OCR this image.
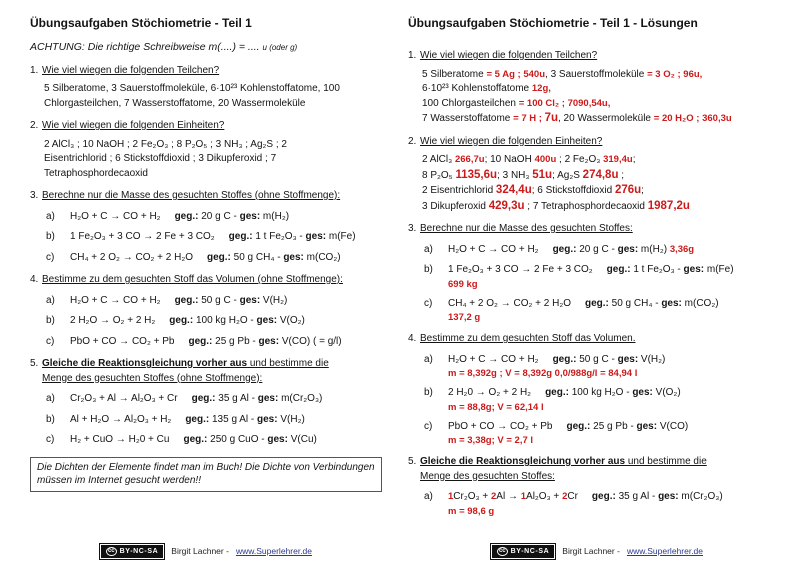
Übungsaufgaben Stöchiometrie - Teil 1
ACHTUNG: Die richtige Schreibweise m(....) = .... u (oder g)
1. Wie viel wiegen die folgenden Teilchen?
5 Silberatome, 3 Sauerstoffmoleküle, 6·10²³ Kohlenstoffatome, 100
Chlorgasteilchen, 7 Wasserstoffatome, 20 Wassermoleküle
2. Wie viel wiegen die folgenden Einheiten?
2 AlCl₃ ; 10 NaOH ; 2 Fe₂O₃ ; 8 P₂O₅ ; 3 NH₃ ; Ag₂S ; 2
Eisentrichlorid ; 6 Stickstoffdioxid ; 3 Dikupferoxid ; 7
Tetraphosphordecaoxid
3. Berechne nur die Masse des gesuchten Stoffes (ohne Stoffmenge):
a)	H₂O + C → CO + H₂ geg.: 20 g C - ges: m(H₂)
b)	1 Fe₂O₃ + 3 CO → 2 Fe + 3 CO₂ geg.: 1 t Fe₂O₃ - ges: m(Fe)
c)	CH₄ + 2 O₂ → CO₂ + 2 H₂O geg.: 50 g CH₄ - ges: m(CO₂)
4. Bestimme zu dem gesuchten Stoff das Volumen (ohne Stoffmenge):
a)	H₂O + C → CO + H₂ geg.: 50 g C - ges: V(H₂)
b)	2 H₂O → O₂ + 2 H₂ geg.: 100 kg H₂O - ges: V(O₂)
c)	PbO + CO → CO₂ + Pb geg.: 25 g Pb - ges: V(CO) ( = g/l)
5. Gleiche die Reaktionsgleichung vorher aus und bestimme die
Menge des gesuchten Stoffes (ohne Stoffmenge):
a)	Cr₂O₃ + Al → Al₂O₃ + Cr geg.: 35 g Al - ges: m(Cr₂O₃)
b)	Al + H₂O → Al₂O₃ + H₂ geg.: 135 g Al - ges: V(H₂)
c)	H₂ + CuO → H₂0 + Cu geg.: 250 g CuO - ges: V(Cu)
Die Dichten der Elemente findet man im Buch! Die Dichte von Verbindungen müssen im Internet gesucht werden!!
cc BY-NC-SA Birgit Lachner - www.Superlehrer.de
Übungsaufgaben Stöchiometrie - Teil 1 - Lösungen
1. Wie viel wiegen die folgenden Teilchen?
5 Silberatome = 5 Ag ; 540u, 3 Sauerstoffmoleküle = 3 O₂ ; 96u,
6·10²³ Kohlenstoffatome 12g,
100 Chlorgasteilchen = 100 Cl₂ ; 7090,54u,
7 Wasserstoffatome = 7 H ; 7u, 20 Wassermoleküle = 20 H₂O ; 360,3u
2. Wie viel wiegen die folgenden Einheiten?
2 AlCl₃ 266,7u; 10 NaOH 400u ; 2 Fe₂O₃ 319,4u;
8 P₂O₅ 1135,6u; 3 NH₃ 51u; Ag₂S 274,8u ;
2 Eisentrichlorid 324,4u; 6 Stickstoffdioxid 276u;
3 Dikupferoxid 429,3u ; 7 Tetraphosphordecaoxid 1987,2u
3. Berechne nur die Masse des gesuchten Stoffes:
a)	H₂O + C → CO + H₂ geg.: 20 g C - ges: m(H₂) 3,36g
b)	1 Fe₂O₃ + 3 CO → 2 Fe + 3 CO₂ geg.: 1 t Fe₂O₃ - ges: m(Fe)
699 kg
c)	CH₄ + 2 O₂ → CO₂ + 2 H₂O geg.: 50 g CH₄ - ges: m(CO₂)
137,2 g
4. Bestimme zu dem gesuchten Stoff das Volumen.
a)	H₂O + C → CO + H₂ geg.: 50 g C - ges: V(H₂)
m = 8,392g ; V = 8,392g 0,0/988g/l = 84,94 l
b)	2 H₂0 → O₂ + 2 H₂ geg.: 100 kg H₂O - ges: V(O₂)
m = 88,8g; V = 62,14 l
c)	PbO + CO → CO₂ + Pb geg.: 25 g Pb - ges: V(CO)
m = 3,38g; V = 2,7 l
5. Gleiche die Reaktionsgleichung vorher aus und bestimme die
Menge des gesuchten Stoffes:
a)	1Cr₂O₃ + 2Al → 1Al₂O₃ + 2Cr geg.: 35 g Al - ges: m(Cr₂O₃)
m = 98,6 g
cc BY-NC-SA Birgit Lachner - www.Superlehrer.de
